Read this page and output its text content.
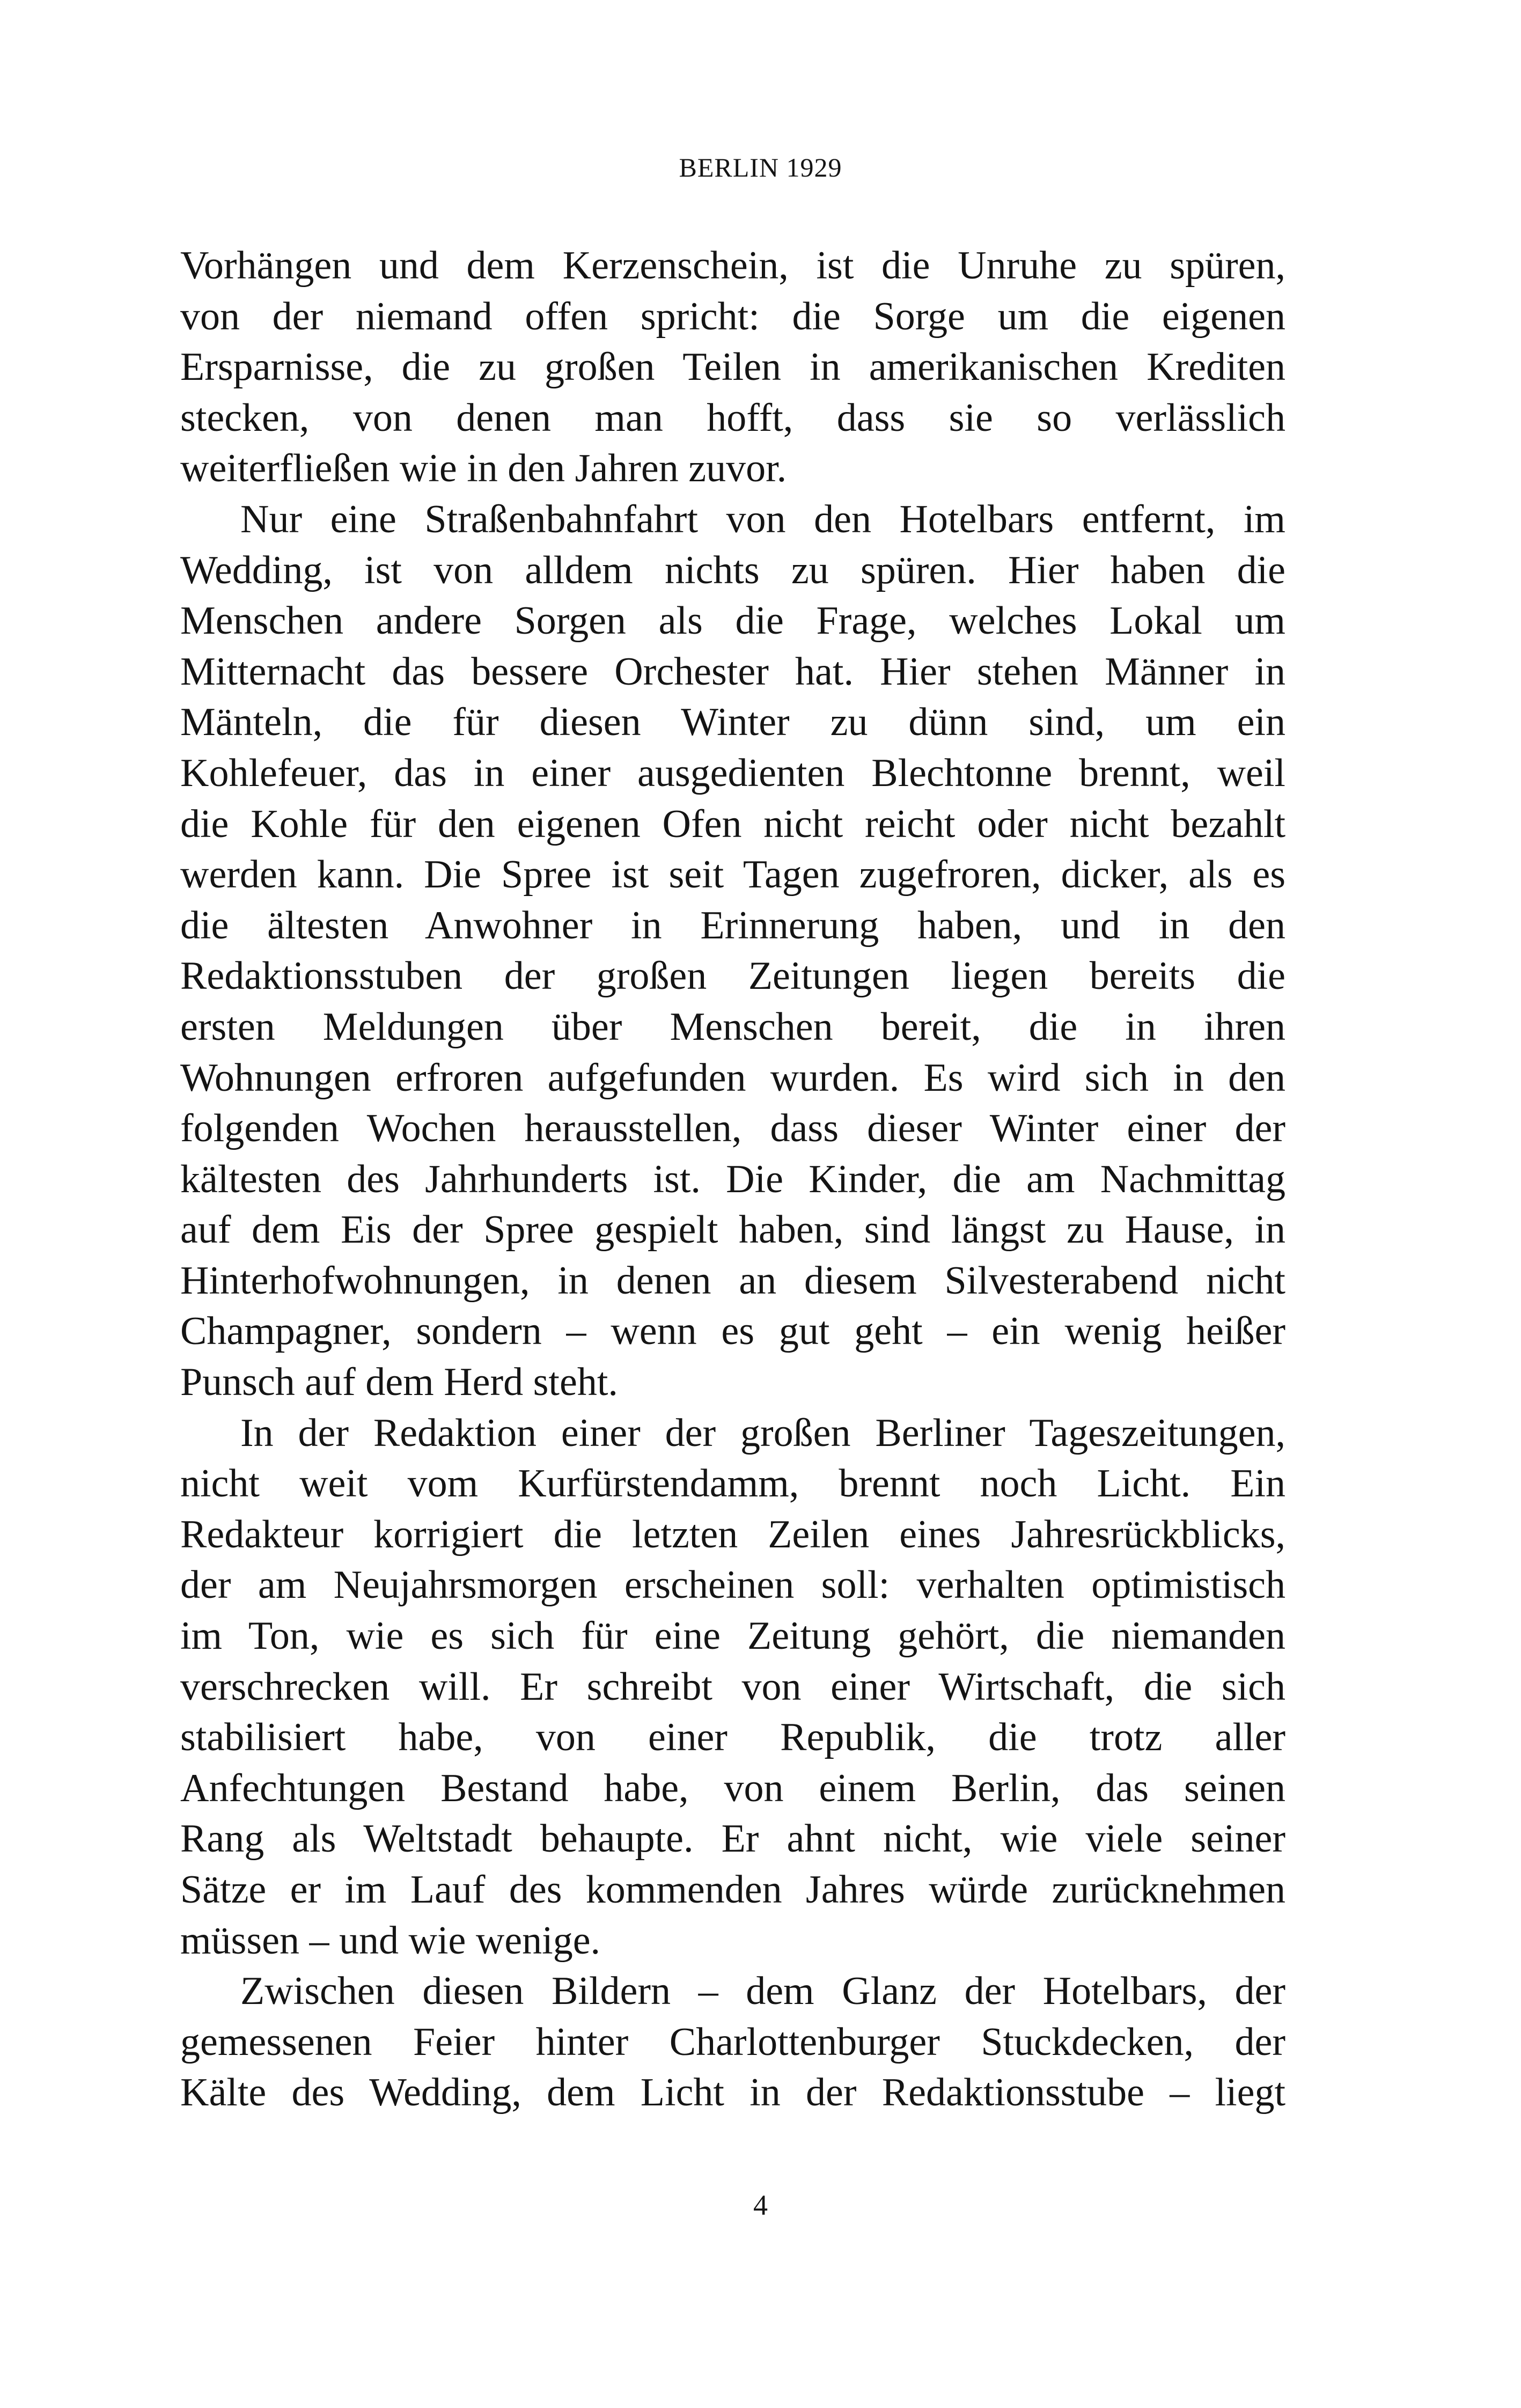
BERLIN 1929
Vorhängen und dem Kerzenschein, ist die Unruhe zu spüren,
von der niemand offen spricht: die Sorge um die eigenen
Ersparnisse, die zu großen Teilen in amerikanischen Krediten
stecken, von denen man hofft, dass sie so verlässlich
weiterfließen wie in den Jahren zuvor.
Nur eine Straßenbahnfahrt von den Hotelbars entfernt, im
Wedding, ist von alldem nichts zu spüren. Hier haben die
Menschen andere Sorgen als die Frage, welches Lokal um
Mitternacht das bessere Orchester hat. Hier stehen Männer in
Mänteln, die für diesen Winter zu dünn sind, um ein
Kohlefeuer, das in einer ausgedienten Blechtonne brennt, weil
die Kohle für den eigenen Ofen nicht reicht oder nicht bezahlt
werden kann. Die Spree ist seit Tagen zugefroren, dicker, als es
die ältesten Anwohner in Erinnerung haben, und in den
Redaktionsstuben der großen Zeitungen liegen bereits die
ersten Meldungen über Menschen bereit, die in ihren
Wohnungen erfroren aufgefunden wurden. Es wird sich in den
folgenden Wochen herausstellen, dass dieser Winter einer der
kältesten des Jahrhunderts ist. Die Kinder, die am Nachmittag
auf dem Eis der Spree gespielt haben, sind längst zu Hause, in
Hinterhofwohnungen, in denen an diesem Silvesterabend nicht
Champagner, sondern – wenn es gut geht – ein wenig heißer
Punsch auf dem Herd steht.
In der Redaktion einer der großen Berliner Tageszeitungen,
nicht weit vom Kurfürstendamm, brennt noch Licht. Ein
Redakteur korrigiert die letzten Zeilen eines Jahresrückblicks,
der am Neujahrsmorgen erscheinen soll: verhalten optimistisch
im Ton, wie es sich für eine Zeitung gehört, die niemanden
verschrecken will. Er schreibt von einer Wirtschaft, die sich
stabilisiert habe, von einer Republik, die trotz aller
Anfechtungen Bestand habe, von einem Berlin, das seinen
Rang als Weltstadt behaupte. Er ahnt nicht, wie viele seiner
Sätze er im Lauf des kommenden Jahres würde zurücknehmen
müssen – und wie wenige.
Zwischen diesen Bildern – dem Glanz der Hotelbars, der
gemessenen Feier hinter Charlottenburger Stuckdecken, der
Kälte des Wedding, dem Licht in der Redaktionsstube – liegt
4
